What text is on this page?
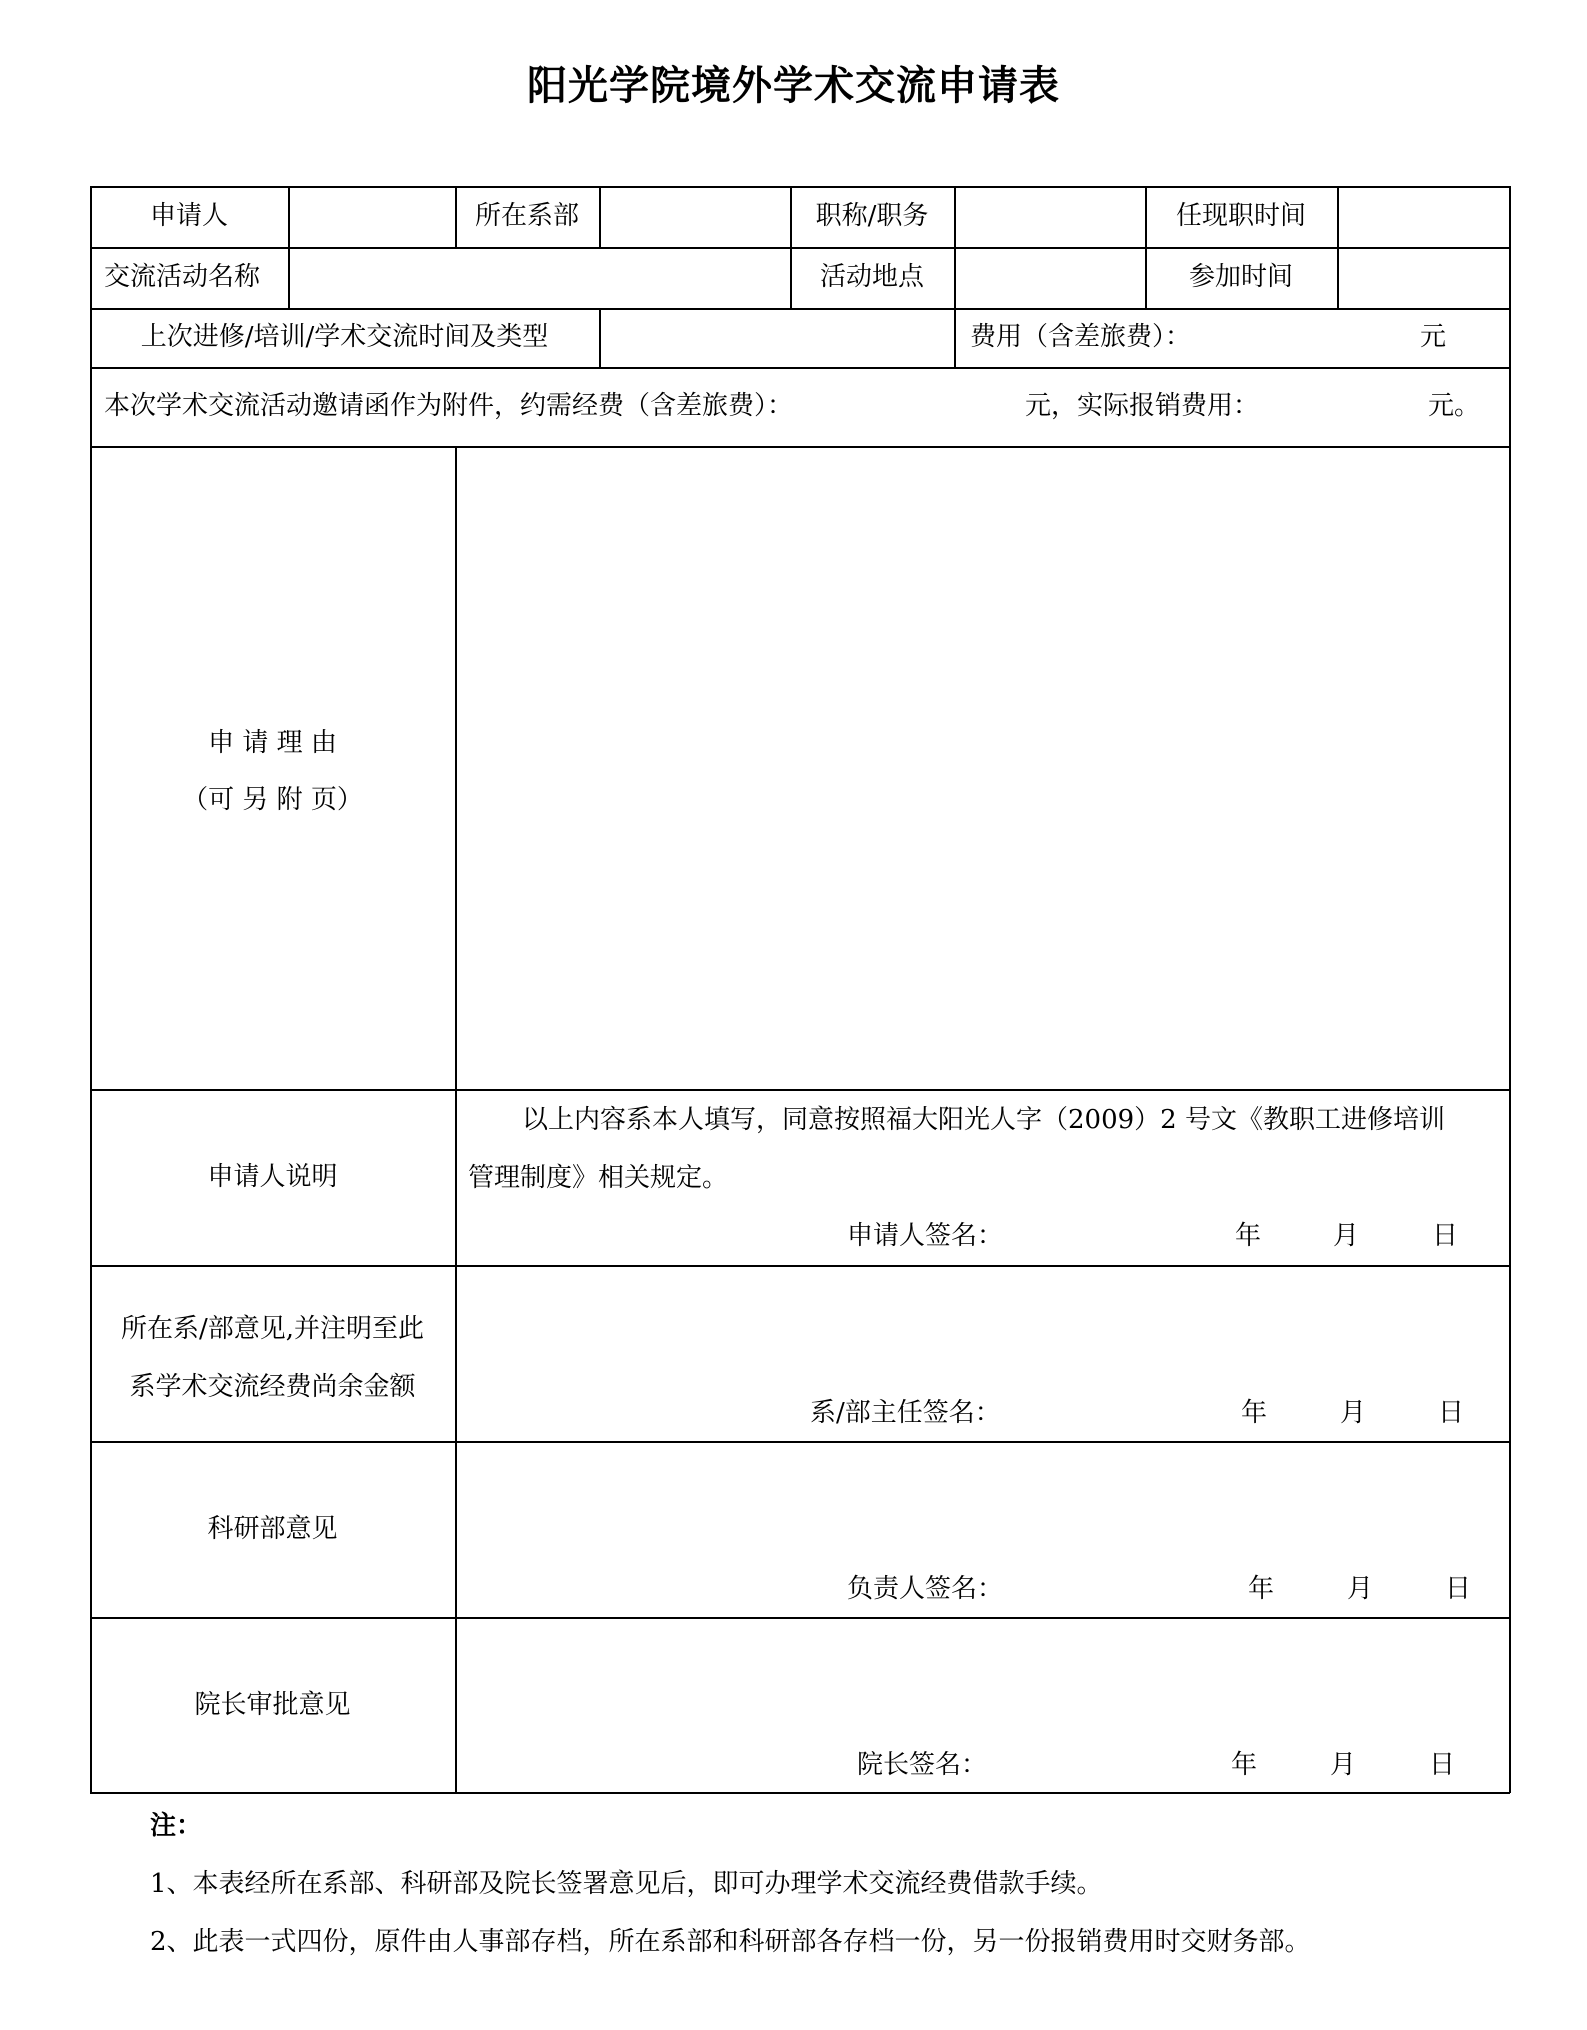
阳光学院境外学术交流申请表
申请人	所在系部	职称/职务	任现职时间
交流活动名称	活动地点	参加时间
上次进修/培训/学术交流时间及类型	费用（含差旅费）：	元
本次学术交流活动邀请函作为附件，约需经费（含差旅费）：	元，实际报销费用：	元。
申 请 理 由
（可 另 附 页）
申请人说明
以上内容系本人填写，同意按照福大阳光人字（2009）2 号文《教职工进修培训
管理制度》相关规定。
申请人签名：	年	月	日
所在系/部意见,并注明至此
系学术交流经费尚余金额
系/部主任签名：	年	月	日
科研部意见
负责人签名：	年	月	日
院长审批意见
院长签名：	年	月	日
注：
1、本表经所在系部、科研部及院长签署意见后，即可办理学术交流经费借款手续。
2、此表一式四份，原件由人事部存档，所在系部和科研部各存档一份，另一份报销费用时交财务部。
